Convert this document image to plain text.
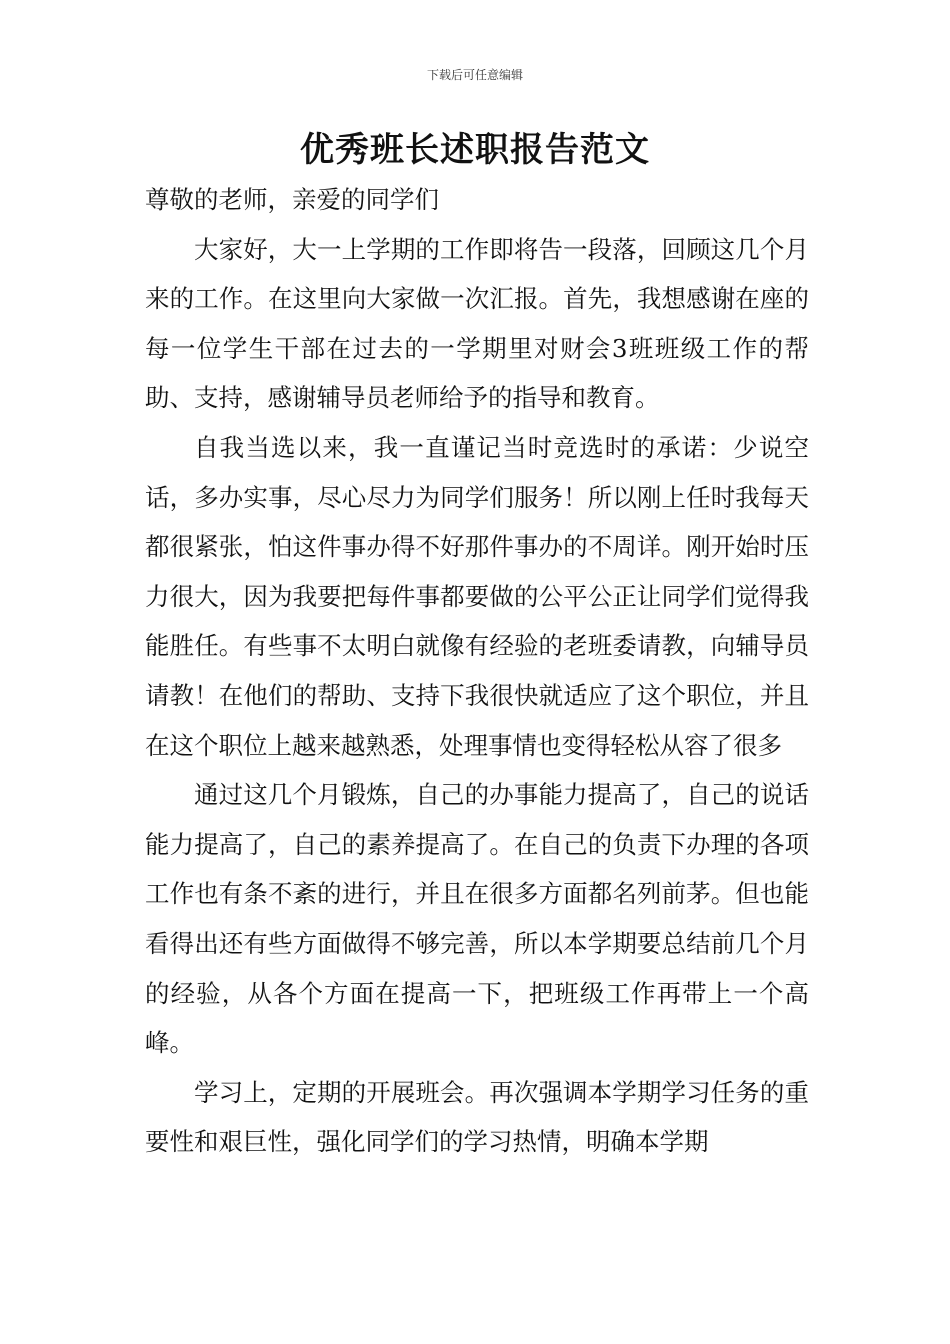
下载后可任意编辑
优秀班长述职报告范文

尊敬的老师，亲爱的同学们

大家好，大一上学期的工作即将告一段落，回顾这几个月来的工作。在这里向大家做一次汇报。首先，我想感谢在座的每一位学生干部在过去的一学期里对财会3班班级工作的帮助、支持，感谢辅导员老师给予的指导和教育。

自我当选以来，我一直谨记当时竞选时的承诺：少说空话，多办实事，尽心尽力为同学们服务！所以刚上任时我每天都很紧张，怕这件事办得不好那件事办的不周详。刚开始时压力很大，因为我要把每件事都要做的公平公正让同学们觉得我能胜任。有些事不太明白就像有经验的老班委请教，向辅导员请教！在他们的帮助、支持下我很快就适应了这个职位，并且在这个职位上越来越熟悉，处理事情也变得轻松从容了很多

通过这几个月锻炼，自己的办事能力提高了，自己的说话能力提高了，自己的素养提高了。在自己的负责下办理的各项工作也有条不紊的进行，并且在很多方面都名列前茅。但也能看得出还有些方面做得不够完善，所以本学期要总结前几个月的经验，从各个方面在提高一下，把班级工作再带上一个高峰。

学习上，定期的开展班会。再次强调本学期学习任务的重要性和艰巨性，强化同学们的学习热情，明确本学期
